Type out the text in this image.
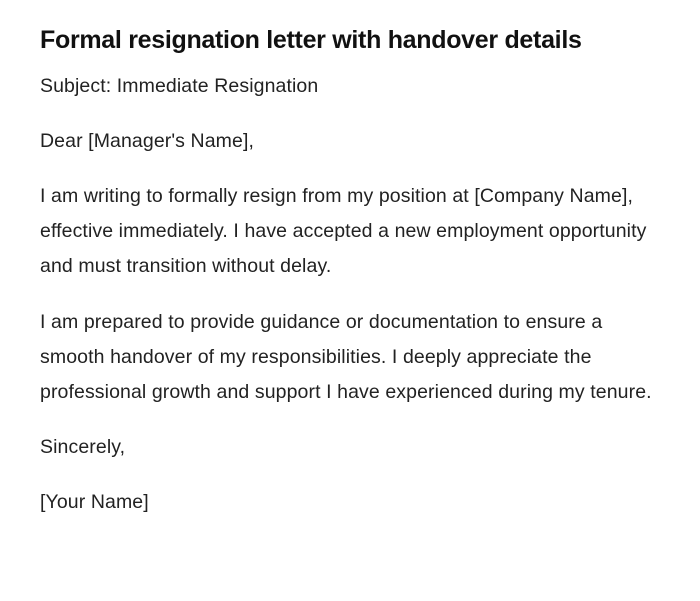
Formal resignation letter with handover details

Subject: Immediate Resignation

Dear [Manager's Name],

I am writing to formally resign from my position at [Company Name], effective immediately. I have accepted a new employment opportunity and must transition without delay.

I am prepared to provide guidance or documentation to ensure a smooth handover of my responsibilities. I deeply appreciate the professional growth and support I have experienced during my tenure.

Sincerely,

[Your Name]
